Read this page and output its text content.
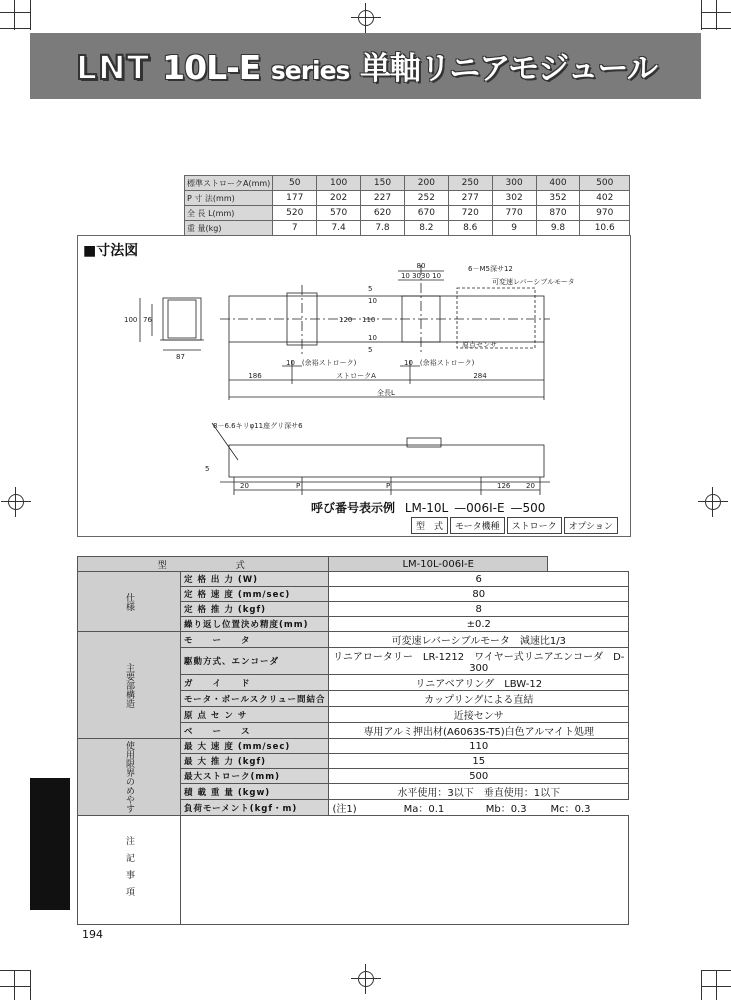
LNT 10L-E series 単軸リニアモジュール
標準ストロークA(mm)	50	100	150	200	250	300	400	500
P 寸 法(mm)	177	202	227	252	277	302	352	402
全 長 L(mm)	520	570	620	670	720	770	870	970
重 量(kg)	7	7.4	7.8	8.2	8.6	9	9.8	10.6
■寸法図
80
10 3030 10
6－M5深サ12
可変速レバーシブルモータ
100 76
87
120 110
5
10
10
5
原点センサ
10　(余裕ストローク)	10　(余裕ストローク)
186	ストロークA	284
全長L
8－6.6キリφ11座グリ深サ6
5
20	P	P	126 20
呼び番号表示例 LM-10L —006I-E —500
型　式 モータ機種 ストローク オプション
型　　　　　式		LM-10L-006I-E			
仕様	定 格 出 力 (W)	6			
	定 格 速 度 (mm/sec)	80			
	定 格 推 力 (kgf)	8			
	繰り返し位置決め精度(mm)	±0.2			
主要部構造	モ　　ー　　タ	可変速レバーシブルモータ　減速比1/3			
	駆動方式、エンコーダ	リニアロータリー　LR-1212　ワイヤー式リニアエンコーダ　D-300			
	ガ　　イ　　ド	リニアベアリング　LBW-12			
	モータ・ボールスクリュー間結合	カップリングによる直結			
	原 点 セ ン サ	近接センサ			
	ベ　　ー　　ス	専用アルミ押出材(A6063S-T5)白色アルマイト処理			
使用限界のめやす	最 大 速 度 (mm/sec)	110			
	最 大 推 力 (kgf)	15			
	最大ストローク(mm)	500			
	積 載 重 量 (kgw)	水平使用：3以下　垂直使用：1以下			
	負荷モーメント(kgf・m)	(注1)	Ma：0.1	Mb：0.3	Mc：0.3
注記事項					
194
